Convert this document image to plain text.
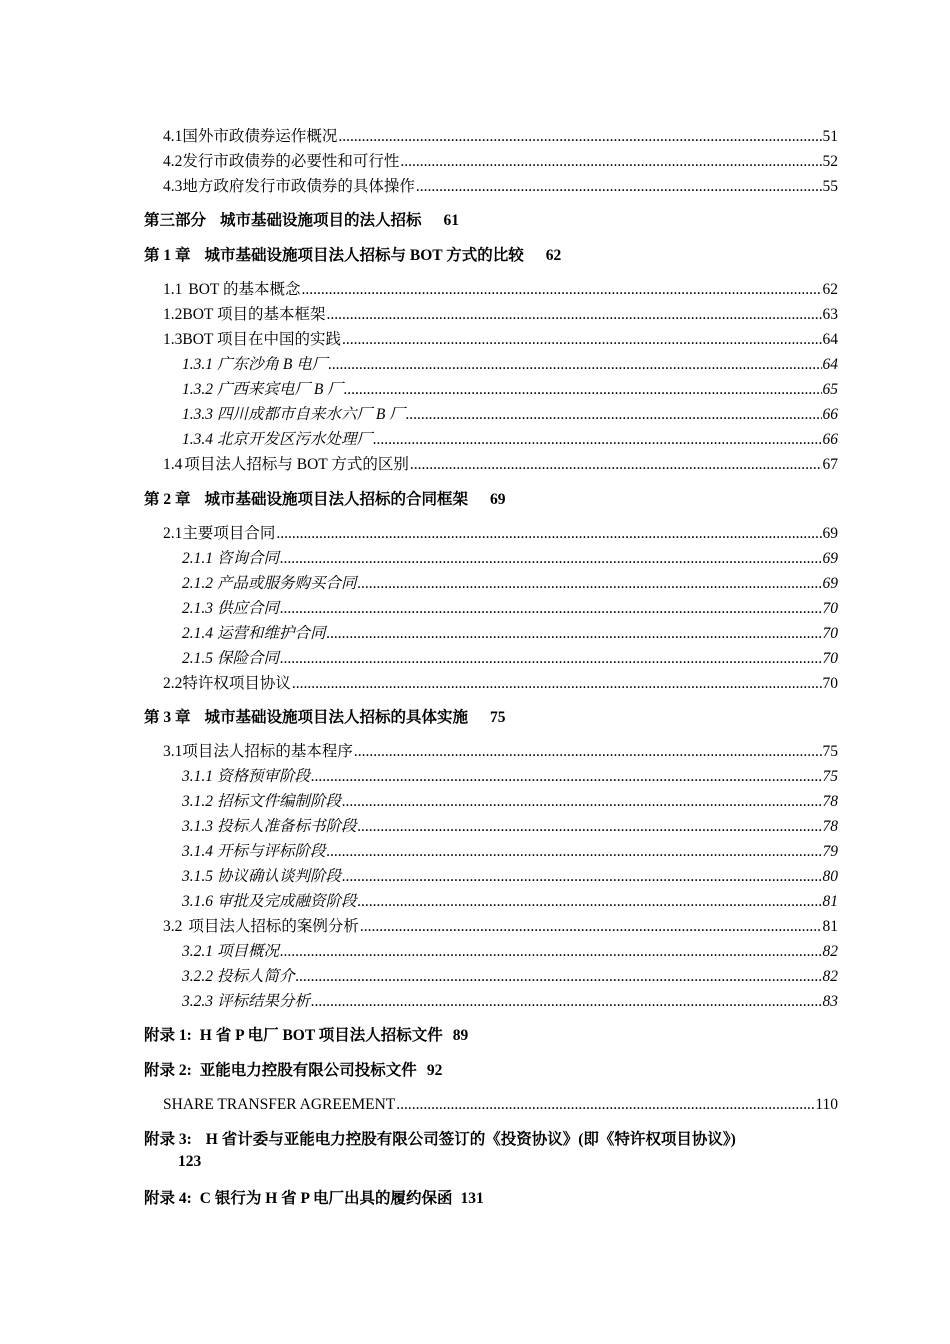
4.1 国外市政债券运作概况 .....	51
4.2 发行市政债券的必要性和可行性 .....	52
4.3 地方政府发行市政债券的具体操作 .....	55
第三部分 城市基础设施项目的法人招标 61
第 1 章 城市基础设施项目法人招标与 BOT 方式的比较 62
1.1 BOT 的基本概念 .....	62
1.2 BOT 项目的基本框架 .....	63
1.3 BOT 项目在中国的实践 .....	64
1.3.1 广东沙角 B 电厂 .....	64
1.3.2 广西来宾电厂 B 厂 .....	65
1.3.3 四川成都市自来水六厂 B 厂 .....	66
1.3.4 北京开发区污水处理厂 .....	66
1.4 项目法人招标与 BOT 方式的区别 .....	67
第 2 章 城市基础设施项目法人招标的合同框架 69
2.1 主要项目合同 .....	69
2.1.1 咨询合同 .....	69
2.1.2 产品或服务购买合同 .....	69
2.1.3 供应合同 .....	70
2.1.4 运营和维护合同 .....	70
2.1.5 保险合同 .....	70
2.2 特许权项目协议 .....	70
第 3 章 城市基础设施项目法人招标的具体实施 75
3.1 项目法人招标的基本程序 .....	75
3.1.1 资格预审阶段 .....	75
3.1.2 招标文件编制阶段 .....	78
3.1.3 投标人准备标书阶段 .....	78
3.1.4 开标与评标阶段 .....	79
3.1.5 协议确认谈判阶段 .....	80
3.1.6 审批及完成融资阶段 .....	81
3.2 项目法人招标的案例分析 .....	81
3.2.1 项目概况 .....	82
3.2.2 投标人简介 .....	82
3.2.3 评标结果分析 .....	83
附录 1: H 省 P 电厂 BOT 项目法人招标文件 89
附录 2: 亚能电力控股有限公司投标文件 92
SHARE TRANSFER AGREEMENT .....	110
附录 3: H 省计委与亚能电力控股有限公司签订的《投资协议》(即《特许权项目协议》)
123
附录 4: C 银行为 H 省 P 电厂出具的履约保函 131
